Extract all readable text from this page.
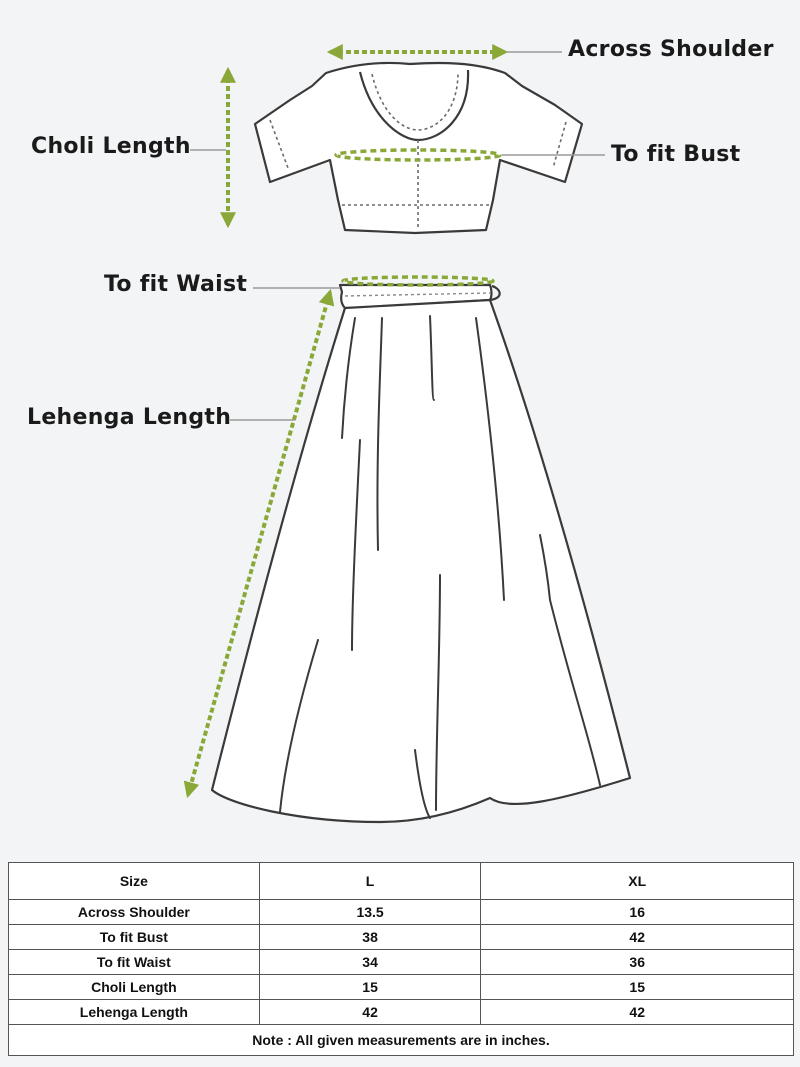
Across Shoulder
Choli Length	To fit Bust
To fit Waist
Lehenga Length
Size	L	XL
Across Shoulder	13.5	16
To fit Bust	38	42
To fit Waist	34	36
Choli Length	15	15
Lehenga Length	42	42
Note : All given measurements are in inches.		
